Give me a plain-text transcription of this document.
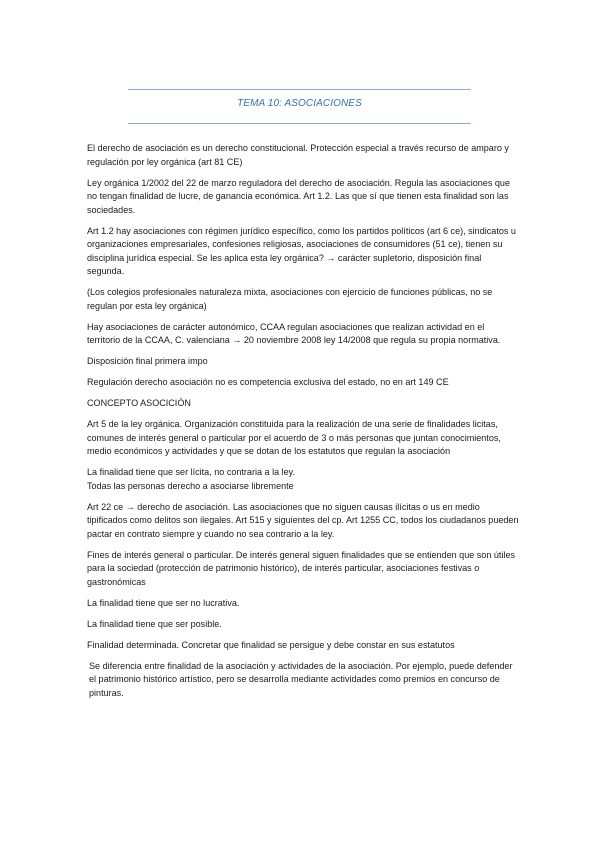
TEMA 10: ASOCIACIONES

El derecho de asociación es un derecho constitucional. Protección especial a través recurso de amparo y regulación por ley orgánica (art 81 CE)

Ley orgánica 1/2002 del 22 de marzo reguladora del derecho de asociación. Regula las asociaciones que no tengan finalidad de lucre, de ganancia económica. Art 1.2. Las que sí que tienen esta finalidad son las sociedades.

Art 1.2 hay asociaciones con régimen jurídico específico, como los partidos políticos (art 6 ce), sindicatos u organizaciones empresariales, confesiones religiosas, asociaciones de consumidores (51 ce), tienen su disciplina jurídica especial. Se les aplica esta ley orgánica? → carácter supletorio, disposición final segunda.

(Los colegios profesionales naturaleza mixta, asociaciones con ejercicio de funciones públicas, no se regulan por esta ley orgánica)

Hay asociaciones de carácter autonómico, CCAA regulan asociaciones que realizan actividad en el territorio de la CCAA, C. valenciana → 20 noviembre 2008 ley 14/2008 que regula su propia normativa.

Disposición final primera impo

Regulación derecho asociación no es competencia exclusiva del estado, no en art 149 CE

CONCEPTO ASOCICIÓN

Art 5 de la ley orgánica. Organización constituida para la realización de una serie de finalidades licitas, comunes de interés general o particular por el acuerdo de 3 o más personas que juntan conocimientos, medio económicos y actividades y que se dotan de los estatutos que regulan la asociación

La finalidad tiene que ser lícita, no contraria a la ley.
Todas las personas derecho a asociarse libremente

Art 22 ce → derecho de asociación. Las asociaciones que no siguen causas ilícitas o us en medio tipificados como delitos son ilegales. Art 515 y siguientes del cp. Art 1255 CC, todos los ciudadanos pueden pactar en contrato siempre y cuando no sea contrario a la ley.

Fines de interés general o particular. De interés general siguen finalidades que se entienden que son útiles para la sociedad (protección de patrimonio histórico), de interés particular, asociaciones festivas o gastronómicas

La finalidad tiene que ser no lucrativa.

La finalidad tiene que ser posible.

Finalidad determinada. Concretar que finalidad se persigue y debe constar en sus estatutos

Se diferencia entre finalidad de la asociación y actividades de la asociación. Por ejemplo, puede defender el patrimonio histórico artístico, pero se desarrolla mediante actividades como premios en concurso de pinturas.
